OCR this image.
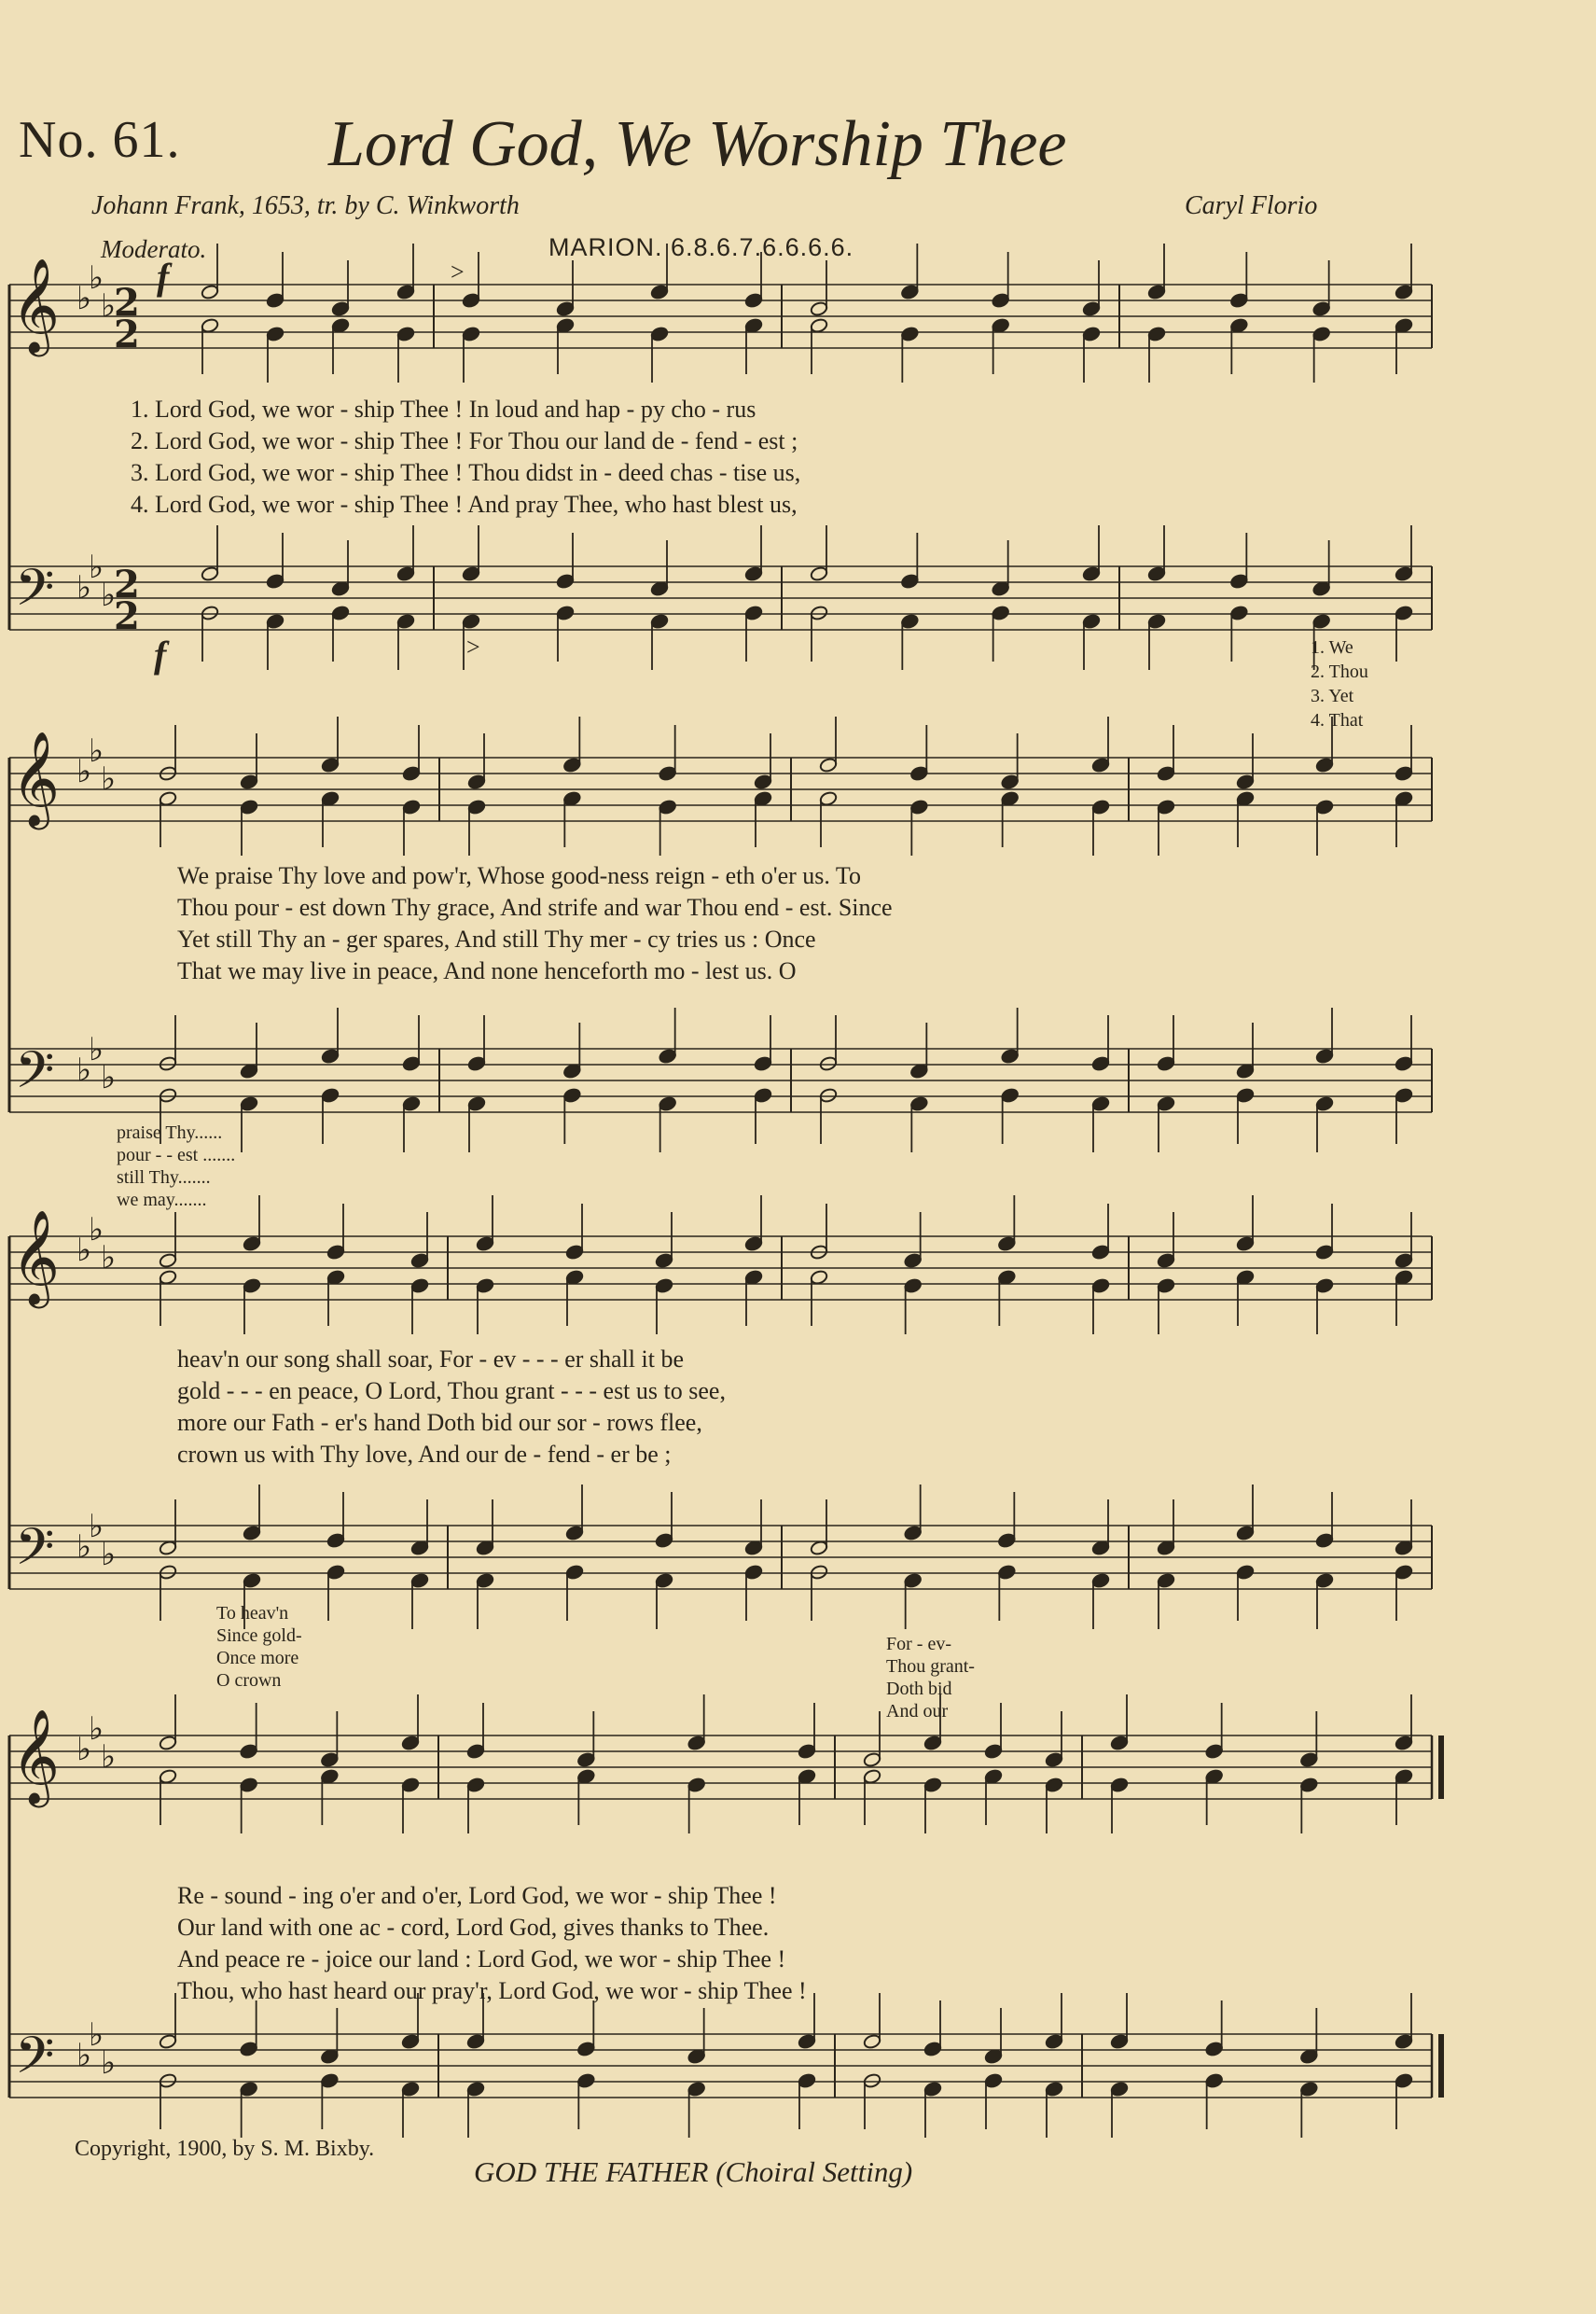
No. 61. Lord God, We Worship Thee
Johann Frank, 1653, tr. by C. Winkworth	Caryl Florio
Moderato.	MARION. 6.8.6.7.6.6.6.6.
𝄞
𝄢
♭
♭
♭
♭
♭
♭
2
2
2
2
1. Lord God, we wor - ship Thee ! In loud and hap - py cho - rus
2. Lord God, we wor - ship Thee ! For Thou our land de - fend - est ;
3. Lord God, we wor - ship Thee ! Thou didst in - deed chas - tise us,
4. Lord God, we wor - ship Thee ! And pray Thee, who hast blest us,
𝄞
𝄢
♭
♭
♭
♭
♭
♭
We praise Thy love and pow'r, Whose good-ness reign - eth o'er us. To
Thou pour - est down Thy grace, And strife and war Thou end - est. Since
Yet still Thy an - ger spares, And still Thy mer - cy tries us : Once
That we may live in peace, And none henceforth mo - lest us. O
𝄞
𝄢
♭
♭
♭
♭
♭
♭
heav'n our song shall soar, For - ev - - - er shall it be
gold - - - en peace, O Lord, Thou grant - - - est us to see,
more our Fath - er's hand Doth bid our sor - rows flee,
crown us with Thy love, And our de - fend - er be ;
𝄞
𝄢
♭
♭
♭
♭
♭
♭
Re - sound - ing o'er and o'er, Lord God, we wor - ship Thee !
Our land with one ac - cord, Lord God, gives thanks to Thee.
And peace re - joice our land : Lord God, we wor - ship Thee !
Thou, who hast heard our pray'r, Lord God, we wor - ship Thee !
f
f
>
>	1. We
2. Thou
3. Yet
4. That
praise Thy......
pour - - est .......
still Thy.......
we may.......
To heav'n
Since gold-
Once more
O crown
For - ev-
Thou grant-
Doth bid
And our
Copyright, 1900, by S. M. Bixby.
GOD THE FATHER (Choiral Setting)
